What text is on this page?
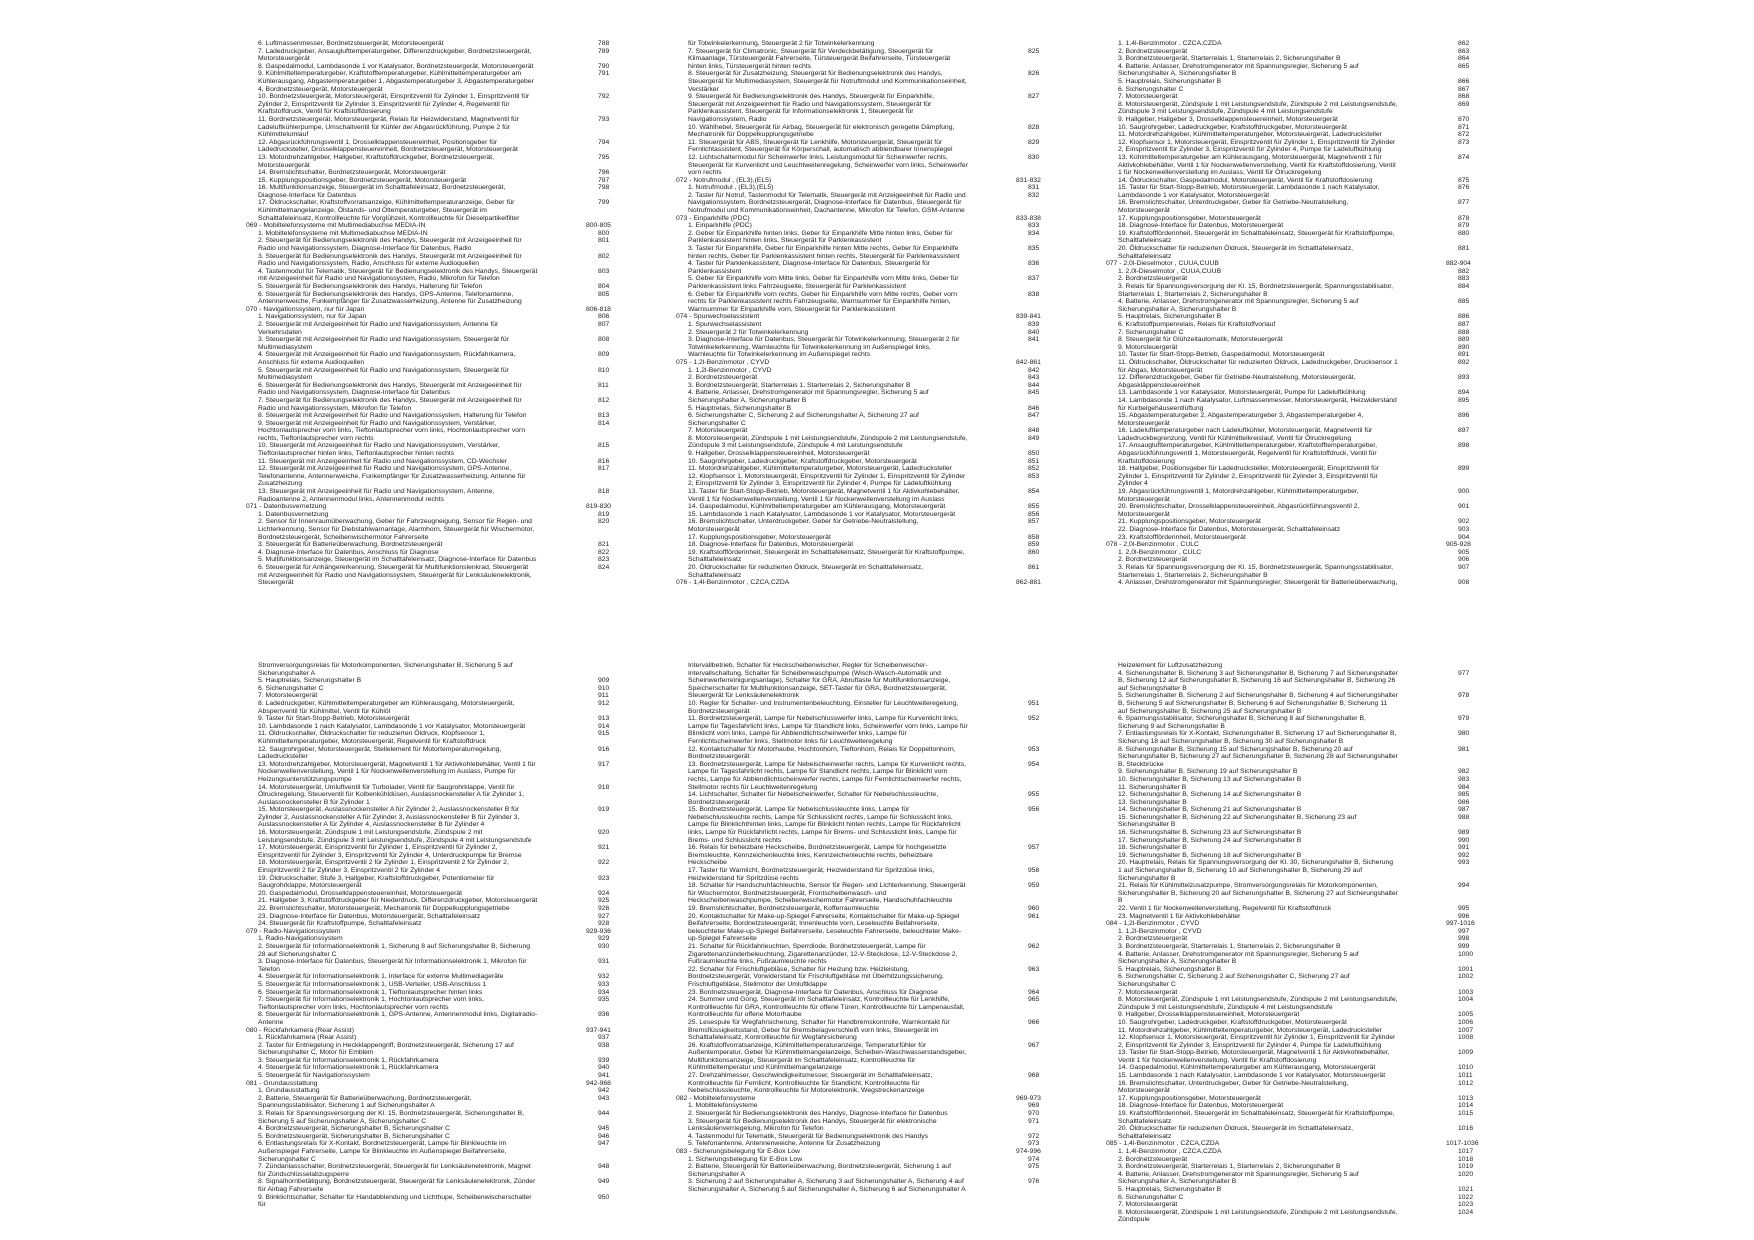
6. Luftmassenmesser, Bordnetzsteuergerät, Motorsteuergerät	788
7. Ladedruckgeber, Ansauglufttemperaturgeber, Differenzdruckgeber, Bordnetzsteuergerät, Motorsteuergerät
789
8. Gaspedalmodul, Lambdasonde 1 vor Katalysator, Bordnetzsteuergerät, Motorsteuergerät	790
9. Kühlmitteltemperaturgeber, Kraftstofftemperaturgeber, Kühlmitteltemperaturgeber am Kühlerausgang, Abgastemperaturgeber 1, Abgastemperaturgeber 3, Abgastemperaturgeber 4, Bordnetzsteuergerät, Motorsteuergerät
791
10. Bordnetzsteuergerät, Motorsteuergerät, Einspritzventil für Zylinder 1, Einspritzventil für Zylinder 2, Einspritzventil für Zylinder 3, Einspritzventil für Zylinder 4, Regelventil für Kraftstoffdruck, Ventil für Kraftstoffdosierung
792
11. Bordnetzsteuergerät, Motorsteuergerät, Relais für Heizwiderstand, Magnetventil für Ladeluftkühlerpumpe, Umschaltventil für Kühler der Abgasrückführung, Pumpe 2 für Kühlmittelumlauf
793
12. Abgasrückführungsventil 1, Drosselklappensteuereinheit, Positionsgeber für Ladedrucksteller, Drosselklappensteuereinheit, Bordnetzsteuergerät, Motorsteuergerät
794
13. Motordrehzahlgeber, Hallgeber, Kraftstoffdruckgeber, Bordnetzsteuergerät, Motorsteuergerät
795
14. Bremslichtschalter, Bordnetzsteuergerät, Motorsteuergerät	796
15. Kupplungspositionsgeber, Bordnetzsteuergerät, Motorsteuergerät	797
16. Multifunktionsanzeige, Steuergerät im Schalttafeleinsatz, Bordnetzsteuergerät, Diagnose-Interface für Datenbus
798
17. Öldruckschalter, Kraftstoffvorratsanzeige, Kühlmitteltemperaturanzeige, Geber für Kühlmittelmangelanzeige, Ölstands- und Öltemperaturgeber, Steuergerät im Schalttafeleinsatz, Kontrollleuchte für Vorglühzeit, Kontrollleuchte für Dieselpartikelfilter
799
069 - Mobiltelefonsysteme mit Multimediabuchse MEDIA-IN	800-805
1. Mobiltelefonsysteme mit Multimediabuchse MEDIA-IN	800
2. Steuergerät für Bedienungselektronik des Handys, Steuergerät mit Anzeigeeinheit für Radio und Navigationssystem, Diagnose-Interface für Datenbus, Radio
801
3. Steuergerät für Bedienungselektronik des Handys, Steuergerät mit Anzeigeeinheit für Radio und Navigationssystem, Radio, Anschluss für externe Audioquellen
802
4. Tastenmodul für Telematik, Steuergerät für Bedienungselektronik des Handys, Steuergerät mit Anzeigeeinheit für Radio und Navigationssystem, Radio, Mikrofon für Telefon
803
5. Steuergerät für Bedienungselektronik des Handys, Halterung für Telefon	804
6. Steuergerät für Bedienungselektronik des Handys, GPS-Antenne, Telefonantenne, Antennenweiche, Funkempfänger für Zusatzwasserheizung, Antenne für Zusatzheizung
805
070 - Navigationssystem, nur für Japan	806-818
1. Navigationssystem, nur für Japan	806
2. Steuergerät mit Anzeigeeinheit für Radio und Navigationssystem, Antenne für Verkehrsdaten
807
3. Steuergerät mit Anzeigeeinheit für Radio und Navigationssystem, Steuergerät für Multimediasystem
808
4. Steuergerät mit Anzeigeeinheit für Radio und Navigationssystem, Rückfahrkamera, Anschluss für externe Audioquellen
809
5. Steuergerät mit Anzeigeeinheit für Radio und Navigationssystem, Steuergerät für Multimediasystem
810
6. Steuergerät für Bedienungselektronik des Handys, Steuergerät mit Anzeigeeinheit für Radio und Navigationssystem, Diagnose-Interface für Datenbus
811
7. Steuergerät für Bedienungselektronik des Handys, Steuergerät mit Anzeigeeinheit für Radio und Navigationssystem, Mikrofon für Telefon
812
8. Steuergerät mit Anzeigeeinheit für Radio und Navigationssystem, Halterung für Telefon	813
9. Steuergerät mit Anzeigeeinheit für Radio und Navigationssystem, Verstärker, Hochtonlautsprecher vorn links, Tieftonlautsprecher vorn links, Hochtonlautsprecher vorn rechts, Tieftonlautsprecher vorn rechts
814
10. Steuergerät mit Anzeigeeinheit für Radio und Navigationssystem, Verstärker, Tieftonlautsprecher hinten links, Tieftonlautsprecher hinten rechts
815
11. Steuergerät mit Anzeigeeinheit für Radio und Navigationssystem, CD-Wechsler	816
12. Steuergerät mit Anzeigeeinheit für Radio und Navigationssystem, GPS-Antenne, Telefonantenne, Antennenweiche, Funkempfänger für Zusatzwasserheizung, Antenne für Zusatzheizung
817
13. Steuergerät mit Anzeigeeinheit für Radio und Navigationssystem, Antenne, Radioantenne 2, Antennenmodul links, Antennenmodul rechts
818
071 - Datenbusvernetzung	819-830
1. Datenbusvernetzung	819
2. Sensor für Innenraumüberwachung, Geber für Fahrzeugneigung, Sensor für Regen- und Lichterkennung, Sensor für Diebstahlwarnanlage, Alarmhorn, Steuergerät für Wischermotor, Bordnetzsteuergerät, Scheibenwischermotor Fahrerseite
820
3. Steuergerät für Batterieüberwachung, Bordnetzsteuergerät	821
4. Diagnose-Interface für Datenbus, Anschluss für Diagnose	822
5. Multifunktionsanzeige, Steuergerät im Schalttafeleinsatz, Diagnose-Interface für Datenbus	823
6. Steuergerät für Anhängererkennung, Steuergerät für Multifunktionslenkrad, Steuergerät mit Anzeigeeinheit für Radio und Navigationssystem, Steuergerät für Lenksäulenelektronik, Steuergerät
824
für Totwinkelerkennung, Steuergerät 2 für Totwinkelerkennung
7. Steuergerät für Climatronic, Steuergerät für Verdeckbetätigung, Steuergerät für Klimaanlage, Türsteuergerät Fahrerseite, Türsteuergerät Beifahrerseite, Türsteuergerät hinten links, Türsteuergerät hinten rechts
825
8. Steuergerät für Zusatzheizung, Steuergerät für Bedienungselektronik des Handys, Steuergerät für Multimediasystem, Steuergerät für Notruftmodul und Kommunikationseinheit, Verstärker
826
9. Steuergerät für Bedienungselektronik des Handys, Steuergerät für Einparkhilfe, Steuergerät mit Anzeigeeinheit für Radio und Navigationssystem, Steuergerät für Parklenkassistent, Steuergerät für Informationselektronik 1, Steuergerät für Navigationssystem, Radio
827
10. Wählhebel, Steuergerät für Airbag, Steuergerät für elektronisch geregelte Dämpfung, Mechatronik für Doppelkupplungsgetriebe
828
11. Steuergerät für ABS, Steuergerät für Lenkhilfe, Motorsteuergerät, Steuergerät für Fernlichtassistent, Steuergerät für Körperschall, automatisch abblendbarer Innenspiegel
829
12. Lichtschaltermodul für Scheinwerfer links, Leistungsmodul für Scheinwerfer rechts, Steuergerät für Kurvenlicht und Leuchtweitenregelung, Scheinwerfer vorn links, Scheinwerfer vorn rechts
830
072 - Notrufmodul , (EL3),(EL5)	831-832
1. Notrufmodul , (EL3),(EL5)	831
2. Taster für Notruf, Tastenmodul für Telematik, Steuergerät mit Anzeigeeinheit für Radio und Navigationssystem, Bordnetzsteuergerät, Diagnose-Interface für Datenbus, Steuergerät für Notrufmodul und Kommunikationseinheit, Dachantenne, Mikrofon für Telefon, GSM-Antenne
832
073 - Einparkhilfe (PDC)	833-838
1. Einparkhilfe (PDC)	833
2. Geber für Einparkhilfe hinten links, Geber für Einparkhilfe Mitte hinten links, Geber für Parklenkassistent hinten links, Steuergerät für Parklenkassistent
834
3. Taster für Einparkhilfe, Geber für Einparkhilfe hinten Mitte rechts, Geber für Einparkhilfe hinten rechts, Geber für Parklenkassistent hinten rechts, Steuergerät für Parklenkassistent
835
4. Taster für Parklenkassistent, Diagnose-Interface für Datenbus, Steuergerät für Parklenkassistent
836
5. Geber für Einparkhilfe vorn Mitte links, Geber für Einparkhilfe vorn Mitte links, Geber für Parklenkassistent links Fahrzeugseite, Steuergerät für Parklenkassistent
837
6. Geber für Einparkhilfe vorn rechts, Geber für Einparkhilfe vorn Mitte rechts, Geber vorn rechts für Parklenkassistent rechts Fahrzeugseite, Warnsummer für Einparkhilfe hinten, Warnsummer für Einparkhilfe vorn, Steuergerät für Parklenkassistent
838
074 - Spurwechselassistent	839-841
1. Spurwechselassistent	839
2. Steuergerät 2 für Totwinkelerkennung	840
3. Diagnose-Interface für Datenbus, Steuergerät für Totwinkelerkennung, Steuergerät 2 für Totwinkelerkennung, Warnleuchte für Totwinkelerkennung im Außenspiegel links, Warnleuchte für Totwinkelerkennung im Außenspiegel rechts
841
075 - 1,2l-Benzinmotor , CYVD	842-861
1. 1,2l-Benzinmotor , CYVD	842
2. Bordnetzsteuergerät	843
3. Bordnetzsteuergerät, Starterrelais 1, Starterrelais 2, Sicherungshalter B	844
4. Batterie, Anlasser, Drehstromgenerator mit Spannungsregler, Sicherung 5 auf Sicherungshalter A, Sicherungshalter B
845
5. Hauptrelais, Sicherungshalter B	846
6. Sicherungshalter C, Sicherung 2 auf Sicherungshalter A, Sicherung 27 auf Sicherungshalter C
847
7. Motorsteuergerät	848
8. Motorsteuergerät, Zündspule 1 mit Leistungsendstufe, Zündspule 2 mit Leistungsendstufe, Zündspule 3 mit Leistungsendstufe, Zündspule 4 mit Leistungsendstufe
849
9. Hallgeber, Drosselklappensteuereinheit, Motorsteuergerät	850
10. Saugrohrgeber, Ladedruckgeber, Kraftstoffdruckgeber, Motorsteuergerät	851
11. Motordrehzahlgeber, Kühlmitteltemperaturgeber, Motorsteuergerät, Ladedrucksteller	852
12. Klopfsensor 1, Motorsteuergerät, Einspritzventil für Zylinder 1, Einspritzventil für Zylinder 2, Einspritzventil für Zylinder 3, Einspritzventil für Zylinder 4, Pumpe für Ladeluftkühlung
853
13. Taster für Start-Stopp-Betrieb, Motorsteuergerät, Magnetventil 1 für Aktivkohlebehälter, Ventil 1 für Nockenwellenverstellung, Ventil 1 für Nockenwellenverstellung im Auslass
854
14. Gaspedalmodul, Kühlmitteltemperaturgeber am Kühlerausgang, Motorsteuergerät	855
15. Lambdasonde 1 nach Katalysator, Lambdasonde 1 vor Katalysator, Motorsteuergerät	856
16. Bremslichtschalter, Unterdruckgeber, Geber für Getriebe-Neutralstellung, Motorsteuergerät
857
17. Kupplungspositionsgeber, Motorsteuergerät	858
18. Diagnose-Interface für Datenbus, Motorsteuergerät	859
19. Kraftstoffförderinheit, Steuergerät im Schalttafeleinsatz, Steuergerät für Kraftstoffpumpe, Schalttafeleinsatz
860
20. Öldruckschalter für reduzierten Öldruck, Steuergerät im Schalttafeleinsatz, Schalttafeleinsatz
861
076 - 1,4l-Benzinmotor , CZCA,CZDA	862-881
1. 1,4l-Benzinmotor , CZCA,CZDA	862
2. Bordnetzsteuergerät	863
3. Bordnetzsteuergerät, Starterrelais 1, Starterrelais 2, Sicherungshalter B	864
4. Batterie, Anlasser, Drehstromgenerator mit Spannungsregler, Sicherung 5 auf Sicherungshalter A, Sicherungshalter B
865
5. Hauptrelais, Sicherungshalter B	866
6. Sicherungshalter C	867
7. Motorsteuergerät	868
8. Motorsteuergerät, Zündspule 1 mit Leistungsendstufe, Zündspule 2 mit Leistungsendstufe, Zündspule 3 mit Leistungsendstufe, Zündspule 4 mit Leistungsendstufe
869
9. Hallgeber, Hallgeber 3, Drosselklappensteuereinheit, Motorsteuergerät	870
10. Saugrohrgeber, Ladedruckgeber, Kraftstoffdruckgeber, Motorsteuergerät	871
11. Motordrehzahlgeber, Kühlmitteltemperaturgeber, Motorsteuergerät, Ladedrucksteller	872
12. Klopfsensor 1, Motorsteuergerät, Einspritzventil für Zylinder 1, Einspritzventil für Zylinder 2, Einspritzventil für Zylinder 3, Einspritzventil für Zylinder 4, Pumpe für Ladeluftkühlung
873
13. Kühlmitteltemperaturgeber am Kühlerausgang, Motorsteuergerät, Magnetventil 1 für Aktivkohlebehälter, Ventil 1 für Nockenwellenverstellung, Ventil für Kraftstoffdosierung, Ventil 1 für Nockenwellenverstellung im Auslass, Ventil für Ölruckregelung
874
14. Öldruckschalter, Gaspedalmodul, Motorsteuergerät, Ventil für Kraftstoffdosierung	875
15. Taster für Start-Stopp-Betrieb, Motorsteuergerät, Lambdasonde 1 nach Katalysator, Lambdasonde 1 vor Katalysator, Motorsteuergerät
876
16. Bremslichtschalter, Unterdruckgeber, Geber für Getriebe-Neutralstellung, Motorsteuergerät
877
17. Kupplungspositionsgeber, Motorsteuergerät	878
18. Diagnose-Interface für Datenbus, Motorsteuergerät	879
19. Kraftstoffförderinheit, Steuergerät im Schalttafeleinsatz, Steuergerät für Kraftstoffpumpe, Schalttafeleinsatz
880
20. Öldruckschalter für reduzierten Öldruck, Steuergerät im Schalttafeleinsatz, Schalttafeleinsatz
881
077 - 2,0l-Dieselmotor , CUUA,CUUB	882-904
1. 2,0l-Dieselmotor , CUUA,CUUB	882
2. Bordnetzsteuergerät	883
3. Relais für Spannungsversorgung der Kl. 15, Bordnetzsteuergerät, Spannungsstabilisator, Starterrelais 1, Starterrelais 2, Sicherungshalter B
884
4. Batterie, Anlasser, Drehstromgenerator mit Spannungsregler, Sicherung 5 auf Sicherungshalter A, Sicherungshalter B
885
5. Hauptrelais, Sicherungshalter B	886
6. Kraftstoffpumpenrelais, Relais für Kraftstoffvorlauf	887
7. Sicherungshalter C	888
8. Steuergerät für Glühzeitautomatik, Motorsteuergerät	889
9. Motorsteuergerät	890
10. Taster für Start-Stopp-Betrieb, Gaspedalmodul, Motorsteuergerät	891
11. Öldruckschalter, Öldruckschalter für reduzierten Öldruck, Ladedruckgeber, Drucksensor 1 für Abgas, Motorsteuergerät
892
12. Differenzdruckgeber, Geber für Getriebe-Neutralstellung, Motorsteuergerät, Abgaskläppensteuereinheit
893
13. Lambdasonde 1 vor Katalysator, Motorsteuergerät, Pumpe für Ladeluftkühlung	894
14. Lambdasonde 1 nach Katalysator, Luftmassenmesser, Motorsteuergerät, Heizwiderstand für Kurbelgehäuseentlüftung
895
15. Abgastemperaturgeber 2, Abgastemperaturgeber 3, Abgastemperaturgeber 4, Motorsteuergerät
896
16. Ladelufttemperaturgeber nach Ladeluftkühler, Motorsteuergerät, Magnetventil für Ladedruckbegrenzung, Ventil für Kühlmittelkreislauf, Ventil für Ölruckregelung
897
17. Ansauglufttemperaturgeber, Kühlmitteltemperaturgeber, Kraftstofftemperaturgeber, Abgasrückführungsventil 1, Motorsteuergerät, Regelventil für Kraftstoffdruck, Ventil für Kraftstoffdosierung
898
18. Hallgeber, Positionsgeber für Ladedrucksteller, Motorsteuergerät, Einspritzventil für Zylinder 1, Einspritzventil für Zylinder 2, Einspritzventil für Zylinder 3, Einspritzventil für Zylinder 4
899
19. Abgasrückführungsventil 1, Motordrehzahlgeber, Kühlmitteltemperaturgeber, Motorsteuergerät
900
20. Bremslichtschalter, Drosselklappensteuereinheit, Abgasrückführungsventil 2, Motorsteuergerät
901
21. Kupplungspositionsgeber, Motorsteuergerät	902
22. Diagnose-Interface für Datenbus, Motorsteuergerät, Schalttafeleinsatz	903
23. Kraftstoffförderinheit, Motorsteuergerät	904
078 - 2,0l-Benzinmotor , CULC	905-928
1. 2,0l-Benzinmotor , CULC	905
2. Bordnetzsteuergerät	906
3. Relais für Spannungsversorgung der Kl. 15, Bordnetzsteuergerät, Spannungsstabilisator, Starterrelais 1, Starterrelais 2, Sicherungshalter B
907
4. Anlasser, Drehstromgenerator mit Spannungsregler, Steuergerät für Batterieüberwachung,	908
Stromversorgungsrelais für Motorkomponenten, Sicherungshalter B, Sicherung 5 auf Sicherungshalter A
5. Hauptrelais, Sicherungshalter B	909
6. Sicherungshalter C	910
7. Motorsteuergerät	911
8. Ladedruckgeber, Kühlmitteltemperaturgeber am Kühlerausgang, Motorsteuergerät, Absperrventil für Kühlmittel, Ventil für Kühlöl
912
9. Taster für Start-Stopp-Betrieb, Motorsteuergerät	913
10. Lambdasonde 1 nach Katalysator, Lambdasonde 1 vor Katalysator, Motorsteuergerät	914
11. Öldruckschalter, Öldruckschalter für reduzierten Öldruck, Klopfsensor 1, Kühlmitteltemperaturgeber, Motorsteuergerät, Regelventil für Kraftstoffdruck
915
12. Saugrohrgeber, Motorsteuergerät, Stellelement für Motortemperaturregelung, Ladedrucksteller
916
13. Motordrehzahlgeber, Motorsteuergerät, Magnetventil 1 für Aktivkohlebehälter, Ventil 1 für Nockenwellenverstellung, Ventil 1 für Nockenwellenverstellung im Auslass, Pumpe für Heizungsunterstützungspumpe
917
14. Motorsteuergerät, Umluftventil für Turbolader, Ventil für Saugrohrklappe, Ventil für Ölruckregelung, Steuerventil für Kolbenkühldüsen, Auslassnockensteller A für Zylinder 1, Auslassnockensteller B für Zylinder 1
918
15. Motorsteuergerät, Auslassnockensteller A für Zylinder 2, Auslassnockensteller B für Zylinder 2, Auslassnockensteller A für Zylinder 3, Auslassnockensteller B für Zylinder 3, Auslassnockensteller A für Zylinder 4, Auslassnockensteller B für Zylinder 4
919
16. Motorsteuergerät, Zündspule 1 mit Leistungsendstufe, Zündspule 2 mit Leistungsendstufe, Zündspule 3 mit Leistungsendstufe, Zündspule 4 mit Leistungsendstufe
920
17. Motorsteuergerät, Einspritzventil für Zylinder 1, Einspritzventil für Zylinder 2, Einspritzventil für Zylinder 3, Einspritzventil für Zylinder 4, Unterdruckpumpe für Bremse
921
18. Motorsteuergerät, Einspritzventil 2 für Zylinder 1, Einspritzventil 2 für Zylinder 2, Einspritzventil 2 für Zylinder 3, Einspritzventil 2 für Zylinder 4
922
19. Öldruckschalter, Stufe 3, Hallgeber, Kraftstoffdruckgeber, Potentiometer für Saugrohrklappe, Motorsteuergerät
923
20. Gaspedalmodul, Drosselklappensteuereinheit, Motorsteuergerät	924
21. Hallgeber 3, Kraftstoffdruckgeber für Niederdruck, Differenzdruckgeber, Motorsteuergerät	925
22. Bremslichtschalter, Motorsteuergerät, Mechatronik für Doppelkupplungsgetriebe	926
23. Diagnose-Interface für Datenbus, Motorsteuergerät, Schalttafeleinsatz	927
24. Steuergerät für Kraftstoffpumpe, Schalttafeleinsatz	928
079 - Radio-Navigationssystem	929-936
1. Radio-Navigationssystem	929
2. Steuergerät für Informationselektronik 1, Sicherung 8 auf Sicherungshalter B, Sicherung 28 auf Sicherungshalter C
930
3. Diagnose-Interface für Datenbus, Steuergerät für Informationselektronik 1, Mikrofon für Telefon
931
4. Steuergerät für Informationselektronik 1, Interface für externe Multimediageräte	932
5. Steuergerät für Informationselektronik 1, USB-Verteiler, USB-Anschluss 1	933
6. Steuergerät für Informationselektronik 1, Tieftonlautsprecher hinten links	934
7. Steuergerät für Informationselektronik 1, Hochtonlautsprecher vorn links, Tieftonlautsprecher vorn links, Hochtonlautsprecher vorn rechts
935
8. Steuergerät für Informationselektronik 1, GPS-Antenne, Antennenmodul links, Digitalradio-Antenne
936
080 - Rückfahrkamera (Rear Assist)	937-941
1. Rückfahrkamera (Rear Assist)	937
2. Taster für Entriegelung in Heckklappengriff, Bordnetzsteuergerät, Sicherung 17 auf Sicherungshalter C, Motor für Emblem
938
3. Steuergerät für Informationselektronik 1, Rückfahrkamera	939
4. Steuergerät für Informationselektronik 1, Rückfahrkamera	940
5. Steuergerät für Navigationssystem	941
081 - Grundausstattung	942-968
1. Grundausstattung	942
2. Batterie, Steuergerät für Batterieüberwachung, Bordnetzsteuergerät, Spannungsstabilisator, Sicherung 1 auf Sicherungshalter A
943
3. Relais für Spannungsversorgung der Kl. 15, Bordnetzsteuergerät, Sicherungshalter B, Sicherung 5 auf Sicherungshalter A, Sicherungshalter C
944
4. Bordnetzsteuergerät, Sicherungshalter B, Sicherungshalter C	945
5. Bordnetzsteuergerät, Sicherungshalter B, Sicherungshalter C	946
6. Entlastungsrelais für X-Kontakt, Bordnetzsteuergerät, Lampe für Blinkleuchte im Außenspiegel Fahrerseite, Lampe für Blinkleuchte im Außenspiegel Beifahrerseite, Sicherungshalter C
947
7. Zündanlassschalter, Bordnetzsteuergerät, Steuergerät für Lenksäulenelektronik, Magnet für Zündschlüsselabzugsperre
948
8. Signalhornbetätigung, Bordnetzsteuergerät, Steuergerät für Lenksäulenelektronik, Zünder für Airbag Fahrerseite
949
9. Blinklichtschalter, Schalter für Handabblendung und Lichthupe, Scheibenwischerschalter für
950
Intervallbetrieb, Schalter für Heckscheibenwischer, Regler für Scheibenwischer-Intervallschaltung, Schalter für Scheibenwaschpumpe (Wisch-Wasch-Automatik und Scheinwerferreinigungsanlage), Schalter für GRA, Abruftaste für Multifunktionsanzeige, Speicherschalter für Multifunktionsanzeige, SET-Taster für GRA, Bordnetzsteuergerät, Steuergerät für Lenksäulenelektronik
10. Regler für Schalter- und Instrumentenbeleuchtung, Einsteller für Leuchtweiteregelung, Bordnetzsteuergerät
951
11. Bordnetzsteuergerät, Lampe für Nebelschlusswerfer links, Lampe für Kurvenlicht links, Lampe für Tagesfahrlicht links, Lampe für Standlicht links, Scheinwerfer vorn links, Lampe für Blinklicht vorn links, Lampe für Abblendlichtscheinwerfer links, Lampe für Fernlichtscheinwerfer links, Stellmotor links für Leuchtweiteregelung
952
12. Kontaktschalter für Motorhaube, Hochtonhorn, Tieftonhorn, Relais für Doppeltonhorn, Bordnetzsteuergerät
953
13. Bordnetzsteuergerät, Lampe für Nebelscheinwerfer rechts, Lampe für Kurvenlicht rechts, Lampe für Tagesfahrlicht rechts, Lampe für Standlicht rechts, Lampe für Blinklicht vorn rechts, Lampe für Abblendlichtscheinwerfer rechts, Lampe für Fernlichtscheinwerfer rechts, Stellmotor rechts für Leuchtweitenregelung
954
14. Lichtschalter, Schalter für Nebelscheinwerfer, Schalter für Nebelschlussleuchte, Bordnetzsteuergerät
955
15. Bordnetzsteuergerät, Lampe für Nebelschlussleuchte links, Lampe für Nebelschlussleuchte rechts, Lampe für Schlusslicht rechts, Lampe für Schlusslicht links, Lampe für Blinklichthinten links, Lampe für Blinklicht hinten rechts, Lampe für Rückfahrlicht links, Lampe für Rückfahrlicht rechts, Lampe für Brems- und Schlusslicht links, Lampe für Brems- und Schlusslicht rechts
956
16. Relais für beheizbare Heckscheibe, Bordnetzsteuergerät, Lampe für hochgesetzte Bremsleuchte, Kennzeichenleuchte links, Kennzeichenleuchte rechts, beheizbare Heckscheibe
957
17. Taster für Warnlicht, Bordnetzsteuergerät, Heizwiderstand für Spritzdüse links, Heizwiderstand für Spritzdüse rechts
958
18. Schalter für Handschuhfachleuchte, Sensor für Regen- und Lichterkennung, Steuergerät für Wischermotor, Bordnetzsteuergerät, Frontscheibenwasch- und Heckscheibenwaschpumpe, Scheibenwischermotor Fahrerseite, Handschuhfachleuchte
959
19. Bremslichtschalter, Bordnetzsteuergerät, Kofferraumleuchte	960
20. Kontaktschalter für Make-up-Spiegel Fahrerseite, Kontaktschalter für Make-up-Spiegel Beifahrerseite, Bordnetzsteuergerät, Innenleuchte vorn, Leseleuchte Beifahrerseite, beleuchteter Make-up-Spiegel Beifahrerseite, Leseleuchte Fahrerseite, beleuchteter Make-up-Spiegel Fahrerseite
961
21. Schalter für Rückfahrleuchten, Sperrdiode, Bordnetzsteuergerät, Lampe für Zigarettenanzünderbeleuchtung, Zigarettenanzünder, 12-V-Steckdose, 12-V-Steckdose 2, Fußraumleuchte links, Fußraumleuchte rechts
962
22. Schalter für Frischluftgebläse, Schalter für Heizung bzw. Heizleistung, Bordnetzsteuergerät, Vorwiderstand für Frischluftgebläse mit Überhitzungssicherung, Frischluftgebläse, Stellmotor der Umluftklappe
963
23. Bordnetzsteuergerät, Diagnose-Interface für Datenbus, Anschluss für Diagnose	964
24. Summer und Gong, Steuergerät im Schalttafeleinsatz, Kontrollleuchte für Lenkhilfe, Kontrollleuchte für GRA, Kontrollleuchte für offene Türen, Kontrollleuchte für Lampenausfall, Kontrollleuchte für offene Motorhaube
965
25. Lesespule für Wegfahrsicherung, Schalter für Handbremskontrolle, Warnkontakt für Bremsflüssigkeitsstand, Geber für Bremsbelagverschleiß vorn links, Steuergerät im Schalttafeleinsatz, Kontrollleuchte für Wegfahrsicherung
966
26. Kraftstoffvorratsanzeige, Kühlmitteltemperaturanzeige, Temperaturfühler für Außentemperatur, Geber für Kühlmittelmangelanzeige, Scheiben-Waschwasserstandsgeber, Multifunktionsanzeige, Steuergerät im Schalttafeleinsatz, Kontrollleuchte für Kühlmitteltemperatur und Kühlmittelmangelanzeige
967
27. Drehzahlmesser, Geschwindigkeitsmesser, Steuergerät im Schalttafeleinsatz, Kontrollleuchte für Fernlicht, Kontrollleuchte für Standlicht, Kontrollleuchte für Nebelschlussleuchte, Kontrollleuchte für Motorelektronik, Wegstreckenanzeige
968
082 - Mobiltelefonsysteme	969-973
1. Mobiltelefonsysteme	969
2. Steuergerät für Bedienungselektronik des Handys, Diagnose-Interface für Datenbus	970
3. Steuergerät für Bedienungselektronik des Handys, Steuergerät für elektronische Lenksäulenverriegelung, Mikrofon für Telefon
971
4. Tastenmodul für Telematik, Steuergerät für Bedienungselektronik des Handys	972
5. Telefonantenne, Antennenweiche, Antenne für Zusatzheizung	973
083 - Sicherungsbelegung für E-Box Low	974-996
1. Sicherungsbelegung für E-Box Low	974
2. Batterie, Steuergerät für Batterieüberwachung, Bordnetzsteuergerät, Sicherung 1 auf Sicherungshalter A
975
3. Sicherung 2 auf Sicherungshalter A, Sicherung 3 auf Sicherungshalter A, Sicherung 4 auf Sicherungshalter A, Sicherung 5 auf Sicherungshalter A, Sicherung 6 auf Sicherungshalter A
976
Heizelement für Luftzusatzheizung
4. Sicherungshalter B, Sicherung 3 auf Sicherungshalter B, Sicherung 7 auf Sicherungshalter B, Sicherung 12 auf Sicherungshalter B, Sicherung 16 auf Sicherungshalter B, Sicherung 26 auf Sicherungshalter B
977
5. Sicherungshalter B, Sicherung 2 auf Sicherungshalter B, Sicherung 4 auf Sicherungshalter B, Sicherung 5 auf Sicherungshalter B, Sicherung 6 auf Sicherungshalter B, Sicherung 11 auf Sicherungshalter B, Sicherung 25 auf Sicherungshalter B
978
6. Spannungsstabilisator, Sicherungshalter B, Sicherung 8 auf Sicherungshalter B, Sicherung 9 auf Sicherungshalter B
979
7. Entlastungsrelais für X-Kontakt, Sicherungshalter B, Sicherung 17 auf Sicherungshalter B, Sicherung 18 auf Sicherungshalter B, Sicherung 30 auf Sicherungshalter B
980
8. Sicherungshalter B, Sicherung 15 auf Sicherungshalter B, Sicherung 20 auf Sicherungshalter B, Sicherung 27 auf Sicherungshalter B, Sicherung 28 auf Sicherungshalter B, Steckbrücke
981
9. Sicherungshalter B, Sicherung 19 auf Sicherungshalter B	982
10. Sicherungshalter B, Sicherung 13 auf Sicherungshalter B	983
11. Sicherungshalter B	984
12. Sicherungshalter B, Sicherung 14 auf Sicherungshalter B	985
13. Sicherungshalter B	986
14. Sicherungshalter B, Sicherung 21 auf Sicherungshalter B	987
15. Sicherungshalter B, Sicherung 22 auf Sicherungshalter B, Sicherung 23 auf Sicherungshalter B
988
16. Sicherungshalter B, Sicherung 23 auf Sicherungshalter B	989
17. Sicherungshalter B, Sicherung 24 auf Sicherungshalter B	990
18. Sicherungshalter B	991
19. Sicherungshalter B, Sicherung 18 auf Sicherungshalter B	992
20. Hauptrelais, Relais für Spannungsversorgung der Kl. 30, Sicherungshalter B, Sicherung 1 auf Sicherungshalter B, Sicherung 10 auf Sicherungshalter B, Sicherung 29 auf Sicherungshalter B
993
21. Relais für Kühlmittelzusatzpumpe, Stromversorgungsrelais für Motorkomponenten, Sicherungshalter B, Sicherung 20 auf Sicherungshalter B, Sicherung 27 auf Sicherungshalter B
994
22. Ventil 1 für Nockenwellenverstellung, Regelventil für Kraftstoffdruck	995
23. Magnetventil 1 für Aktivkohlebehälter	996
084 - 1,2l-Benzinmotor , CYVD	997-1016
1. 1,2l-Benzinmotor , CYVD	997
2. Bordnetzsteuergerät	998
3. Bordnetzsteuergerät, Starterrelais 1, Starterrelais 2, Sicherungshalter B	999
4. Batterie, Anlasser, Drehstromgenerator mit Spannungsregler, Sicherung 5 auf Sicherungshalter A, Sicherungshalter B
1000
5. Hauptrelais, Sicherungshalter B	1001
6. Sicherungshalter C, Sicherung 2 auf Sicherungshalter C, Sicherung 27 auf Sicherungshalter C
1002
7. Motorsteuergerät	1003
8. Motorsteuergerät, Zündspule 1 mit Leistungsendstufe, Zündspule 2 mit Leistungsendstufe, Zündspule 3 mit Leistungsendstufe, Zündspule 4 mit Leistungsendstufe
1004
9. Hallgeber, Drosselklappensteuereinheit, Motorsteuergerät	1005
10. Saugrohrgeber, Ladedruckgeber, Kraftstoffdruckgeber, Motorsteuergerät	1006
11. Motordrehzahlgeber, Kühlmitteltemperaturgeber, Motorsteuergerät, Ladedrucksteller	1007
12. Klopfsensor 1, Motorsteuergerät, Einspritzventil für Zylinder 1, Einspritzventil für Zylinder 2, Einspritzventil für Zylinder 3, Einspritzventil für Zylinder 4, Pumpe für Ladeluftkühlung
1008
13. Taster für Start-Stopp-Betrieb, Motorsteuergerät, Magnetventil 1 für Aktivkohlebehälter, Ventil 1 für Nockenwellenverstellung, Ventil für Kraftstoffdosierung
1009
14. Gaspedalmodul, Kühlmitteltemperaturgeber am Kühlerausgang, Motorsteuergerät	1010
15. Lambdasonde 1 nach Katalysator, Lambdasonde 1 vor Katalysator, Motorsteuergerät	1011
16. Bremslichtschalter, Unterdruckgeber, Geber für Getriebe-Neutralstellung, Motorsteuergerät
1012
17. Kupplungspositionsgeber, Motorsteuergerät	1013
18. Diagnose-Interface für Datenbus, Motorsteuergerät	1014
19. Kraftstoffförderinheit, Steuergerät im Schalttafeleinsatz, Steuergerät für Kraftstoffpumpe, Schalttafeleinsatz
1015
20. Öldruckschalter für reduzierten Öldruck, Steuergerät im Schalttafeleinsatz, Schalttafeleinsatz
1016
085 - 1,4l-Benzinmotor , CZCA,CZDA	1017-1036
1. 1,4l-Benzinmotor , CZCA,CZDA	1017
2. Bordnetzsteuergerät	1018
3. Bordnetzsteuergerät, Starterrelais 1, Starterrelais 2, Sicherungshalter B	1019
4. Batterie, Anlasser, Drehstromgenerator mit Spannungsregler, Sicherung 5 auf Sicherungshalter A, Sicherungshalter B
1020
5. Hauptrelais, Sicherungshalter B	1021
6. Sicherungshalter C	1022
7. Motorsteuergerät	1023
8. Motorsteuergerät, Zündspule 1 mit Leistungsendstufe, Zündspule 2 mit Leistungsendstufe, Zündspule
1024
